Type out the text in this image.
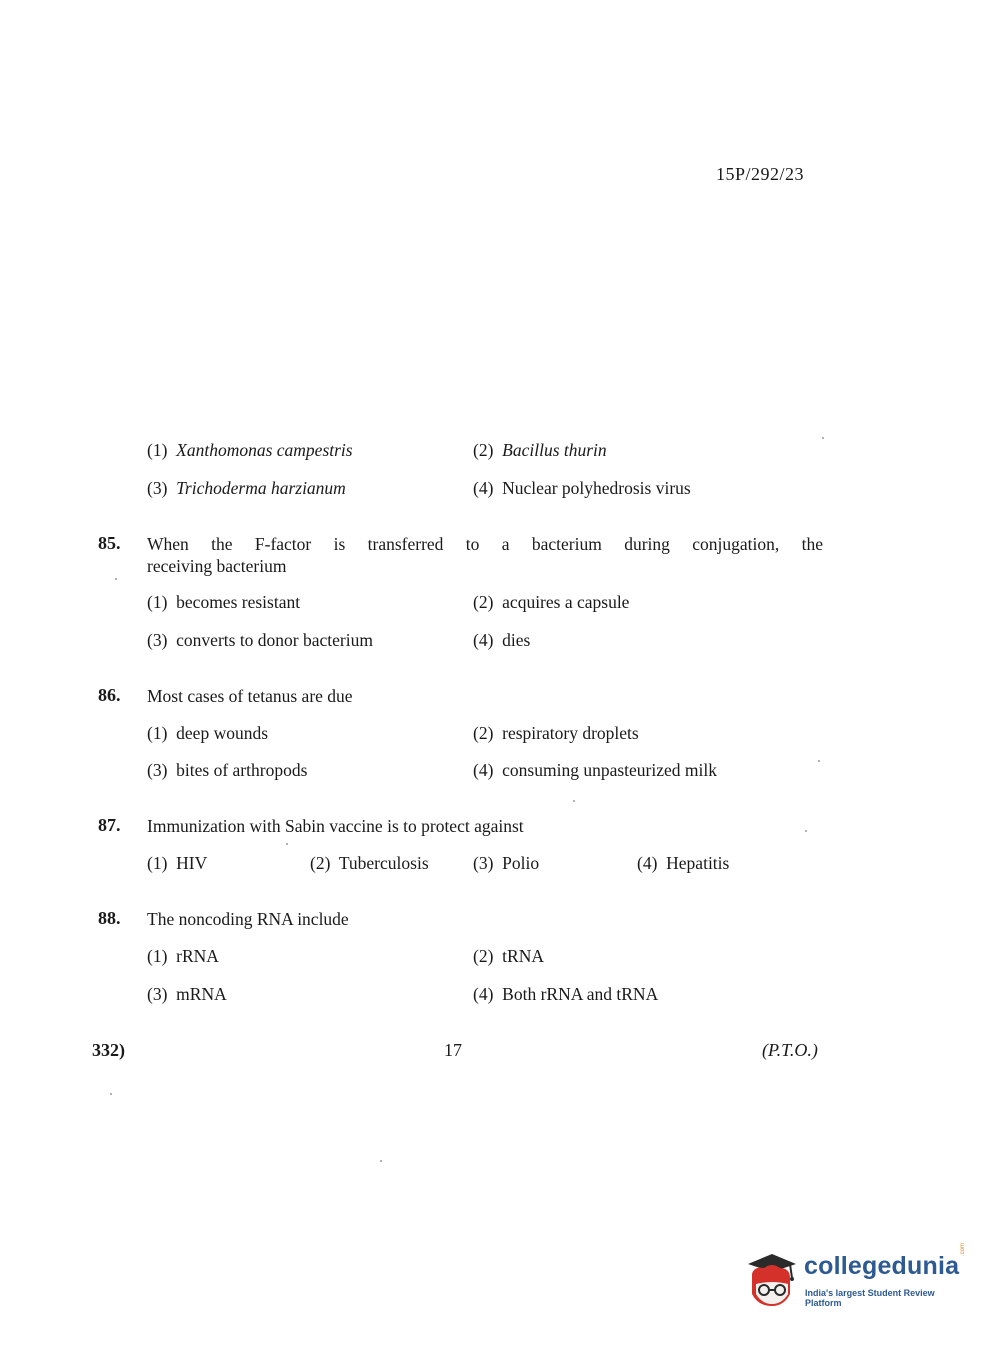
15P/292/23
(1) Xanthomonas campestris	(2) Bacillus thurin
(3) Trichoderma harzianum	(4) Nuclear polyhedrosis virus
85. When the F-factor is transferred to a bacterium during conjugation, the
receiving bacterium
(1) becomes resistant	(2) acquires a capsule
(3) converts to donor bacterium	(4) dies
86. Most cases of tetanus are due
(1) deep wounds	(2) respiratory droplets
(3) bites of arthropods	(4) consuming unpasteurized milk
87. Immunization with Sabin vaccine is to protect against
(1) HIV	(2) Tuberculosis	(3) Polio	(4) Hepatitis
88. The noncoding RNA include
(1) rRNA	(2) tRNA
(3) mRNA	(4) Both rRNA and tRNA
332)	17	(P.T.O.)
collegedunia
.com
India's largest Student Review Platform
